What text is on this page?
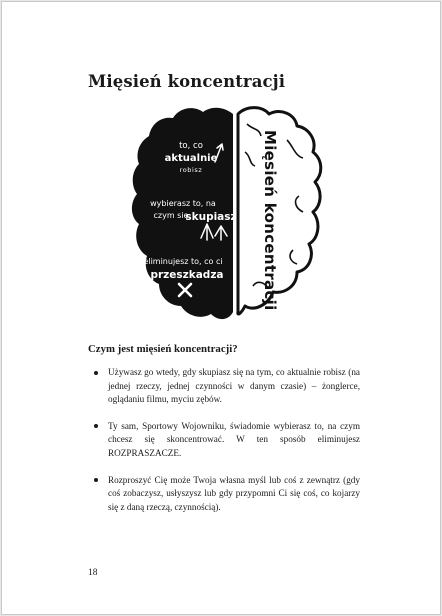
Mięsień koncentracji
Mięsień koncentracji
to, co
aktualnie
robisz
wybierasz to, na
czym się
skupiasz
eliminujesz to, co ci
przeszkadza
Czym jest mięsień koncentracji?
Używasz go wtedy, gdy skupiasz się na tym, co aktualnie robisz (na jednej rzeczy, jednej czynności w danym czasie) – żonglerce, oglądaniu filmu, myciu zębów.
Ty sam, Sportowy Wojowniku, świadomie wybierasz to, na czym chcesz się skoncentrować. W ten sposób eliminujesz ROZPRASZACZE.
Rozproszyć Cię może Twoja własna myśl lub coś z zewnątrz (gdy coś zobaczysz, usłyszysz lub gdy przypomni Ci się coś, co kojarzy się z daną rzeczą, czynnością).
18
